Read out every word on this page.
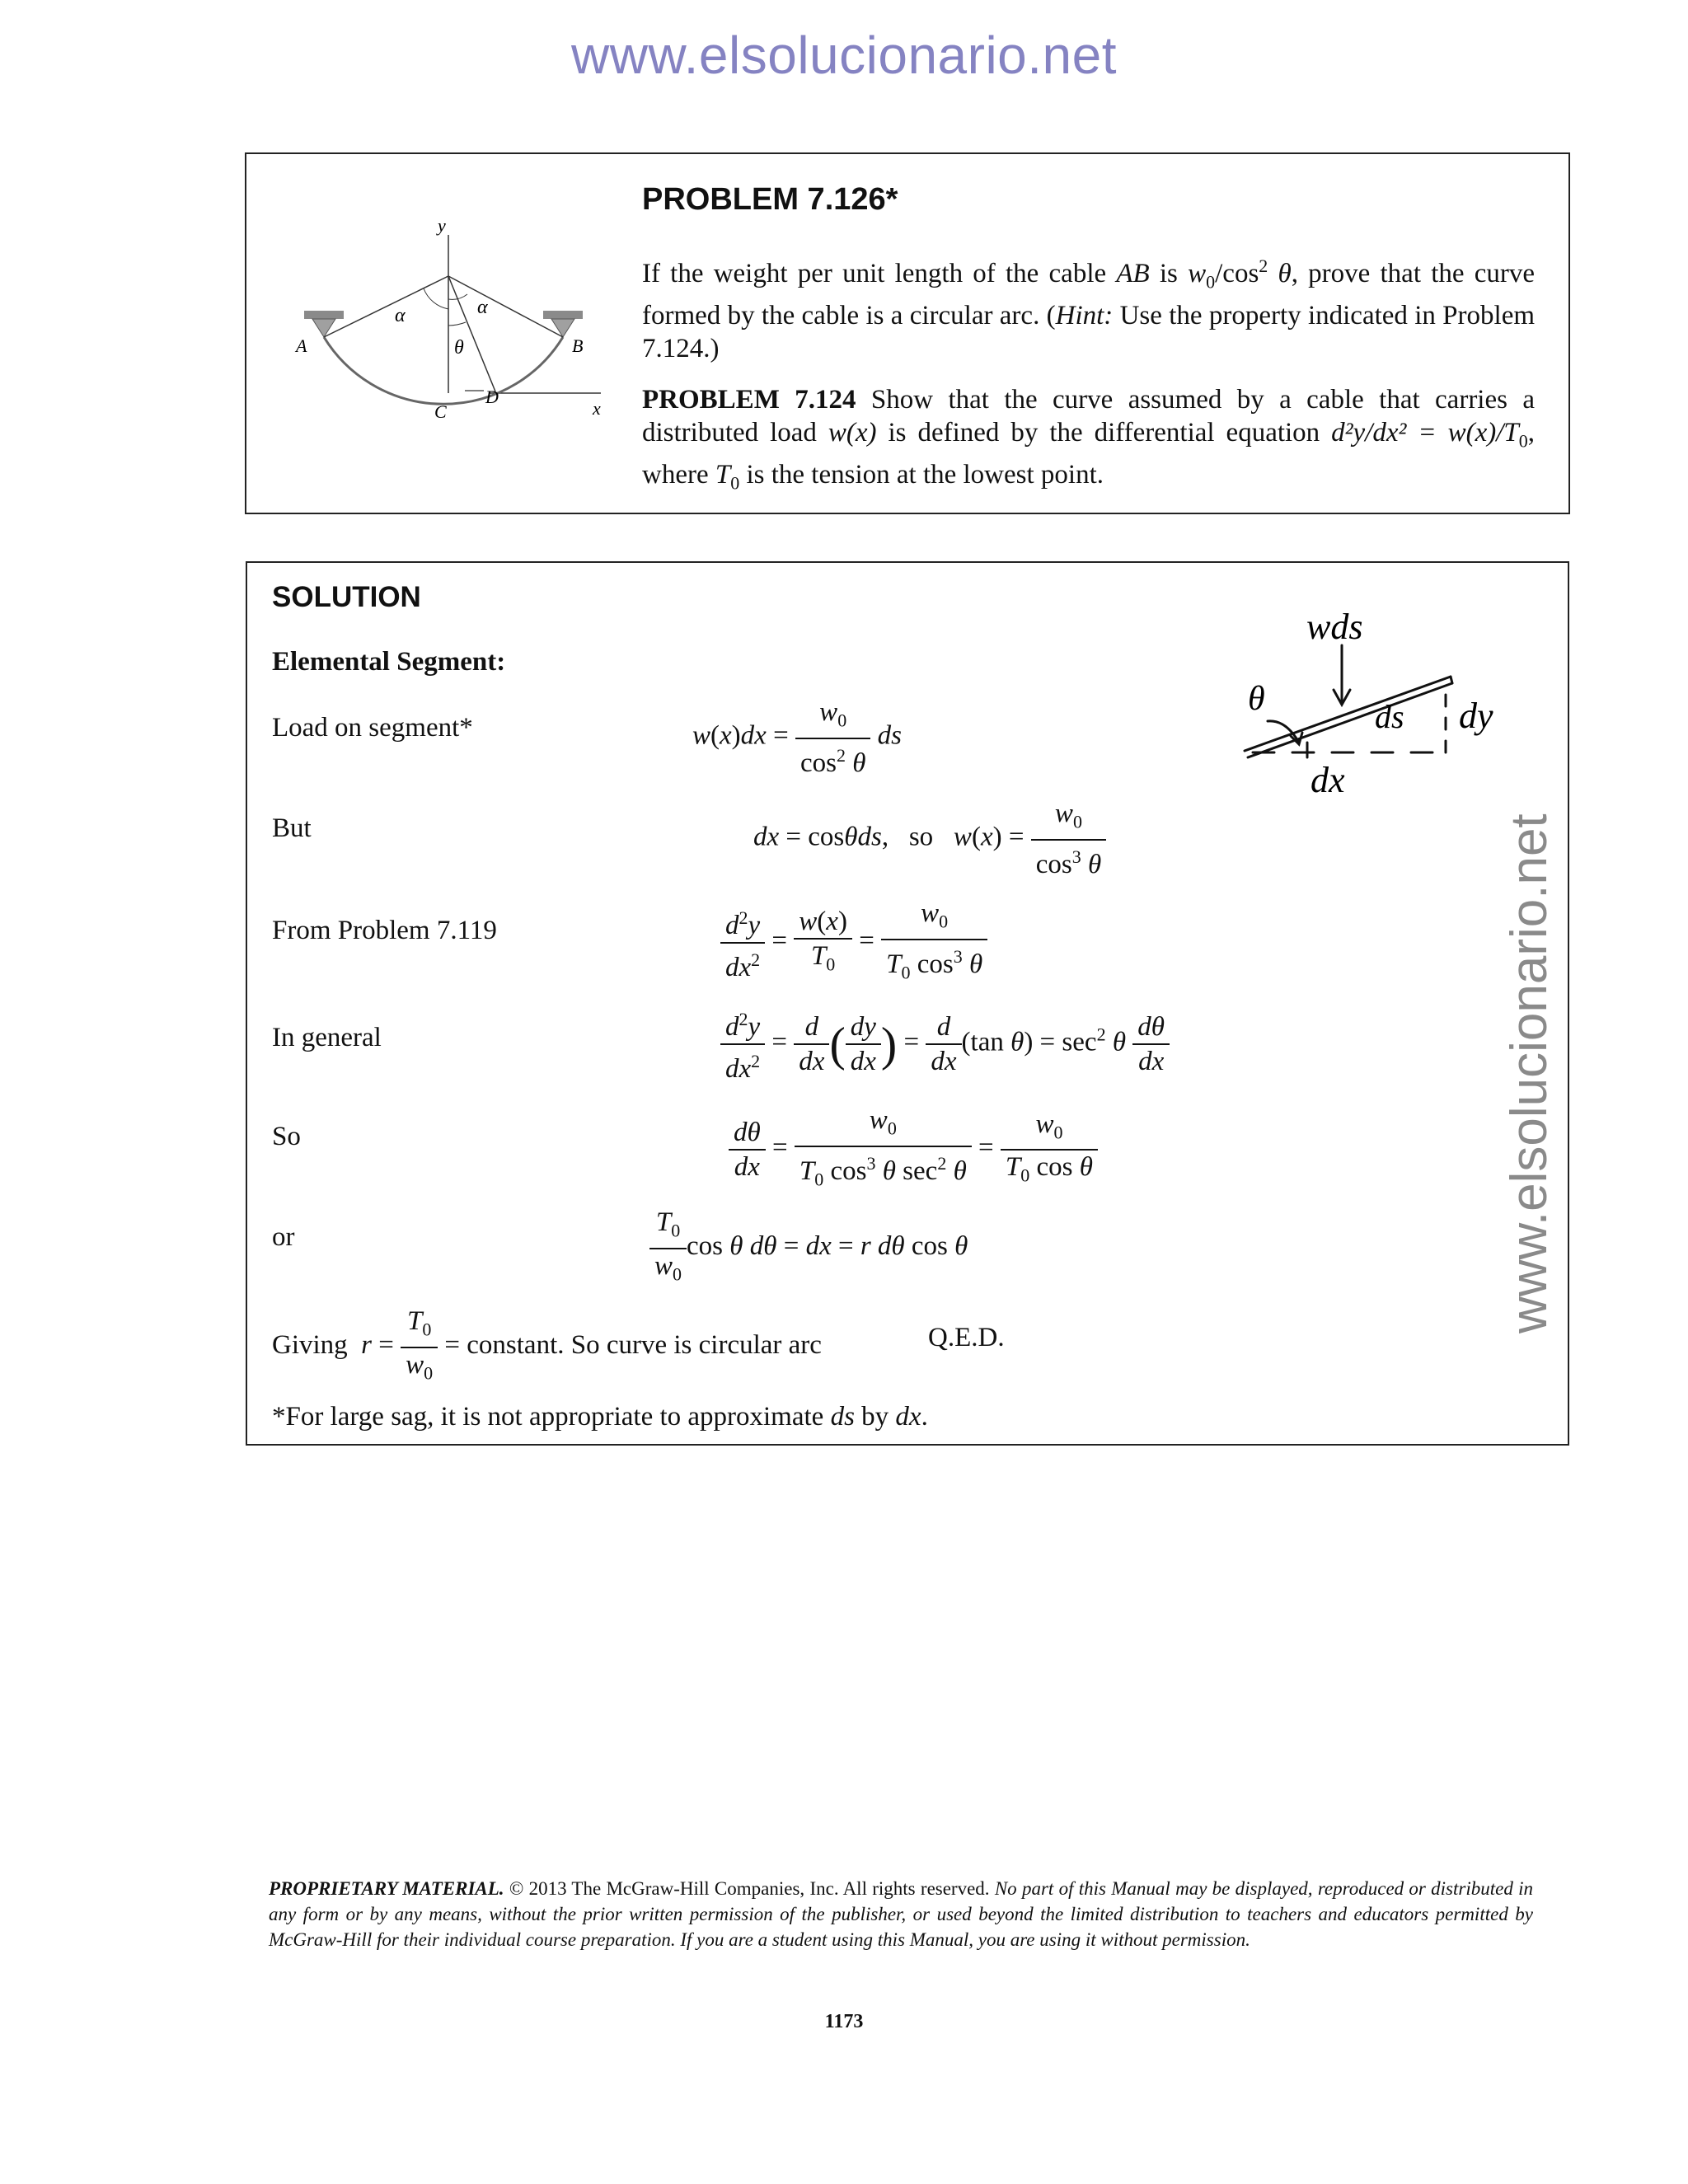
www.elsolucionario.net
www.elsolucionario.net
y
α	α
θ
A	B
C
D
x
PROBLEM 7.126*
If the weight per unit length of the cable AB is $w_0/\cos^2$ θ, prove that the curve formed by the cable is a circular arc. (Hint: Use the property indicated in Problem 7.124.)
PROBLEM 7.124 Show that the curve assumed by a cable that carries a distributed load w(x) is defined by the differential equation $d^2y/dx^2 = w(x)/T_0$, where $T_0$ is the tension at the lowest point.
SOLUTION
Elemental Segment:
wds
θ	ds dy
dx
Load on segment*	$w(x)dx = \frac{w_0}{\cos^2 \theta}$ ds
But	dx = cosθds,   so   $w(x) = \frac{w_0}{\cos^3 \theta}$
From Problem 7.119	$\frac{d^2y}{dx^2} = \frac{w(x)}{T_0} = \frac{w_0}{T_0 \cos^3 \theta}$
In general	$\frac{d^2y}{dx^2} = \frac{d}{dx}$ ( $\frac{dy}{dx}$ ) = $\frac{d}{dx} (\tan$ $\theta) = \sec^2 \theta \frac{d\theta}{dx}$
So	$\frac{d\theta}{dx} = \frac{w_0}{T_0 \cos^3 \theta \sec^2 \theta} = \frac{w_0}{T_0 \cos \theta}$
or	$\frac{T_0}{w_0}$ cos θ dθ = dx = r dθ cos θ
Giving $r = \frac{T_0}{w_0}$ = constant. So curve is circular arc	Q.E.D.
*For large sag, it is not appropriate to approximate ds by dx.
PROPRIETARY MATERIAL. © 2013 The McGraw-Hill Companies, Inc. All rights reserved. No part of this Manual may be displayed, reproduced or distributed in any form or by any means, without the prior written permission of the publisher, or used beyond the limited distribution to teachers and educators permitted by McGraw-Hill for their individual course preparation. If you are a student using this Manual, you are using it without permission.
1173
